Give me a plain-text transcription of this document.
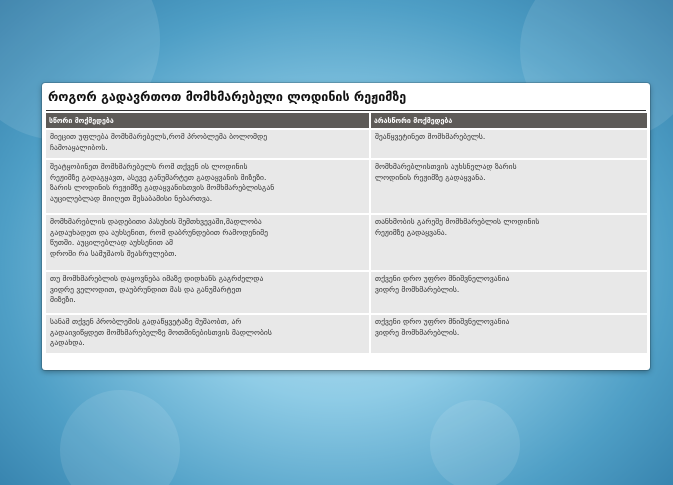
როგორ გადავრთოთ მომხმარებელი ლოდინის რეჟიმზე
სწორი მოქმედება	არასწორი მოქმედება

მიეცით უფლება მომხმარებელს,რომ პრობლემა ბოლომდე
ჩამოაყალიბოს.	შეაწყვეტინეთ მომხმარებელს.

შეატყობინეთ მომხმარებელს რომ თქვენ ის ლოდინის
რეჟიმზე გადაგყავთ, ასევე განუმარტეთ გადაყვანის მიზეზი.
ზარის ლოდინის რეჟიმზე გადაყვანისთვის მომხმარებლისგან
აუცილებლად მიიღეთ შესაბამისი ნებართვა.	მომხმარებლისთვის აუხსნელად ზარის
ლოდინის რეჟიმზე გადაყვანა.

მომხმარებლის დადებითი პასუხის შემთხვევაში,მადლობა
გადაუხადეთ და აუხსენით, რომ დაბრუნდებით რამოდენიმე
წუთში. აუცილებლად აუხსენით ამ
დროში რა სამუშაოს შეასრულებთ.	თანხმობის გარეშე მომხმარებლის ლოდინის
რეჟიმზე გადაყვანა.

თუ მომხმარებლის დაყოვნება იმაზე დიდხანს გაგრძელდა
ვიდრე ველოდით, დაუბრუნდით მას და განუმარტეთ
მიზეზი.	თქვენი დრო უფრო მნიშვნელოვანია
ვიდრე მომხმარებლის.

სანამ თქვენ პრობლემის გადაწყვეტაზე მუშაობთ, არ
გადაივიწყდეთ მომხმარებელზე მოთმინებისთვის მადლობის
გადახდა.	თქვენი დრო უფრო მნიშვნელოვანია
ვიდრე მომხმარებლის.
